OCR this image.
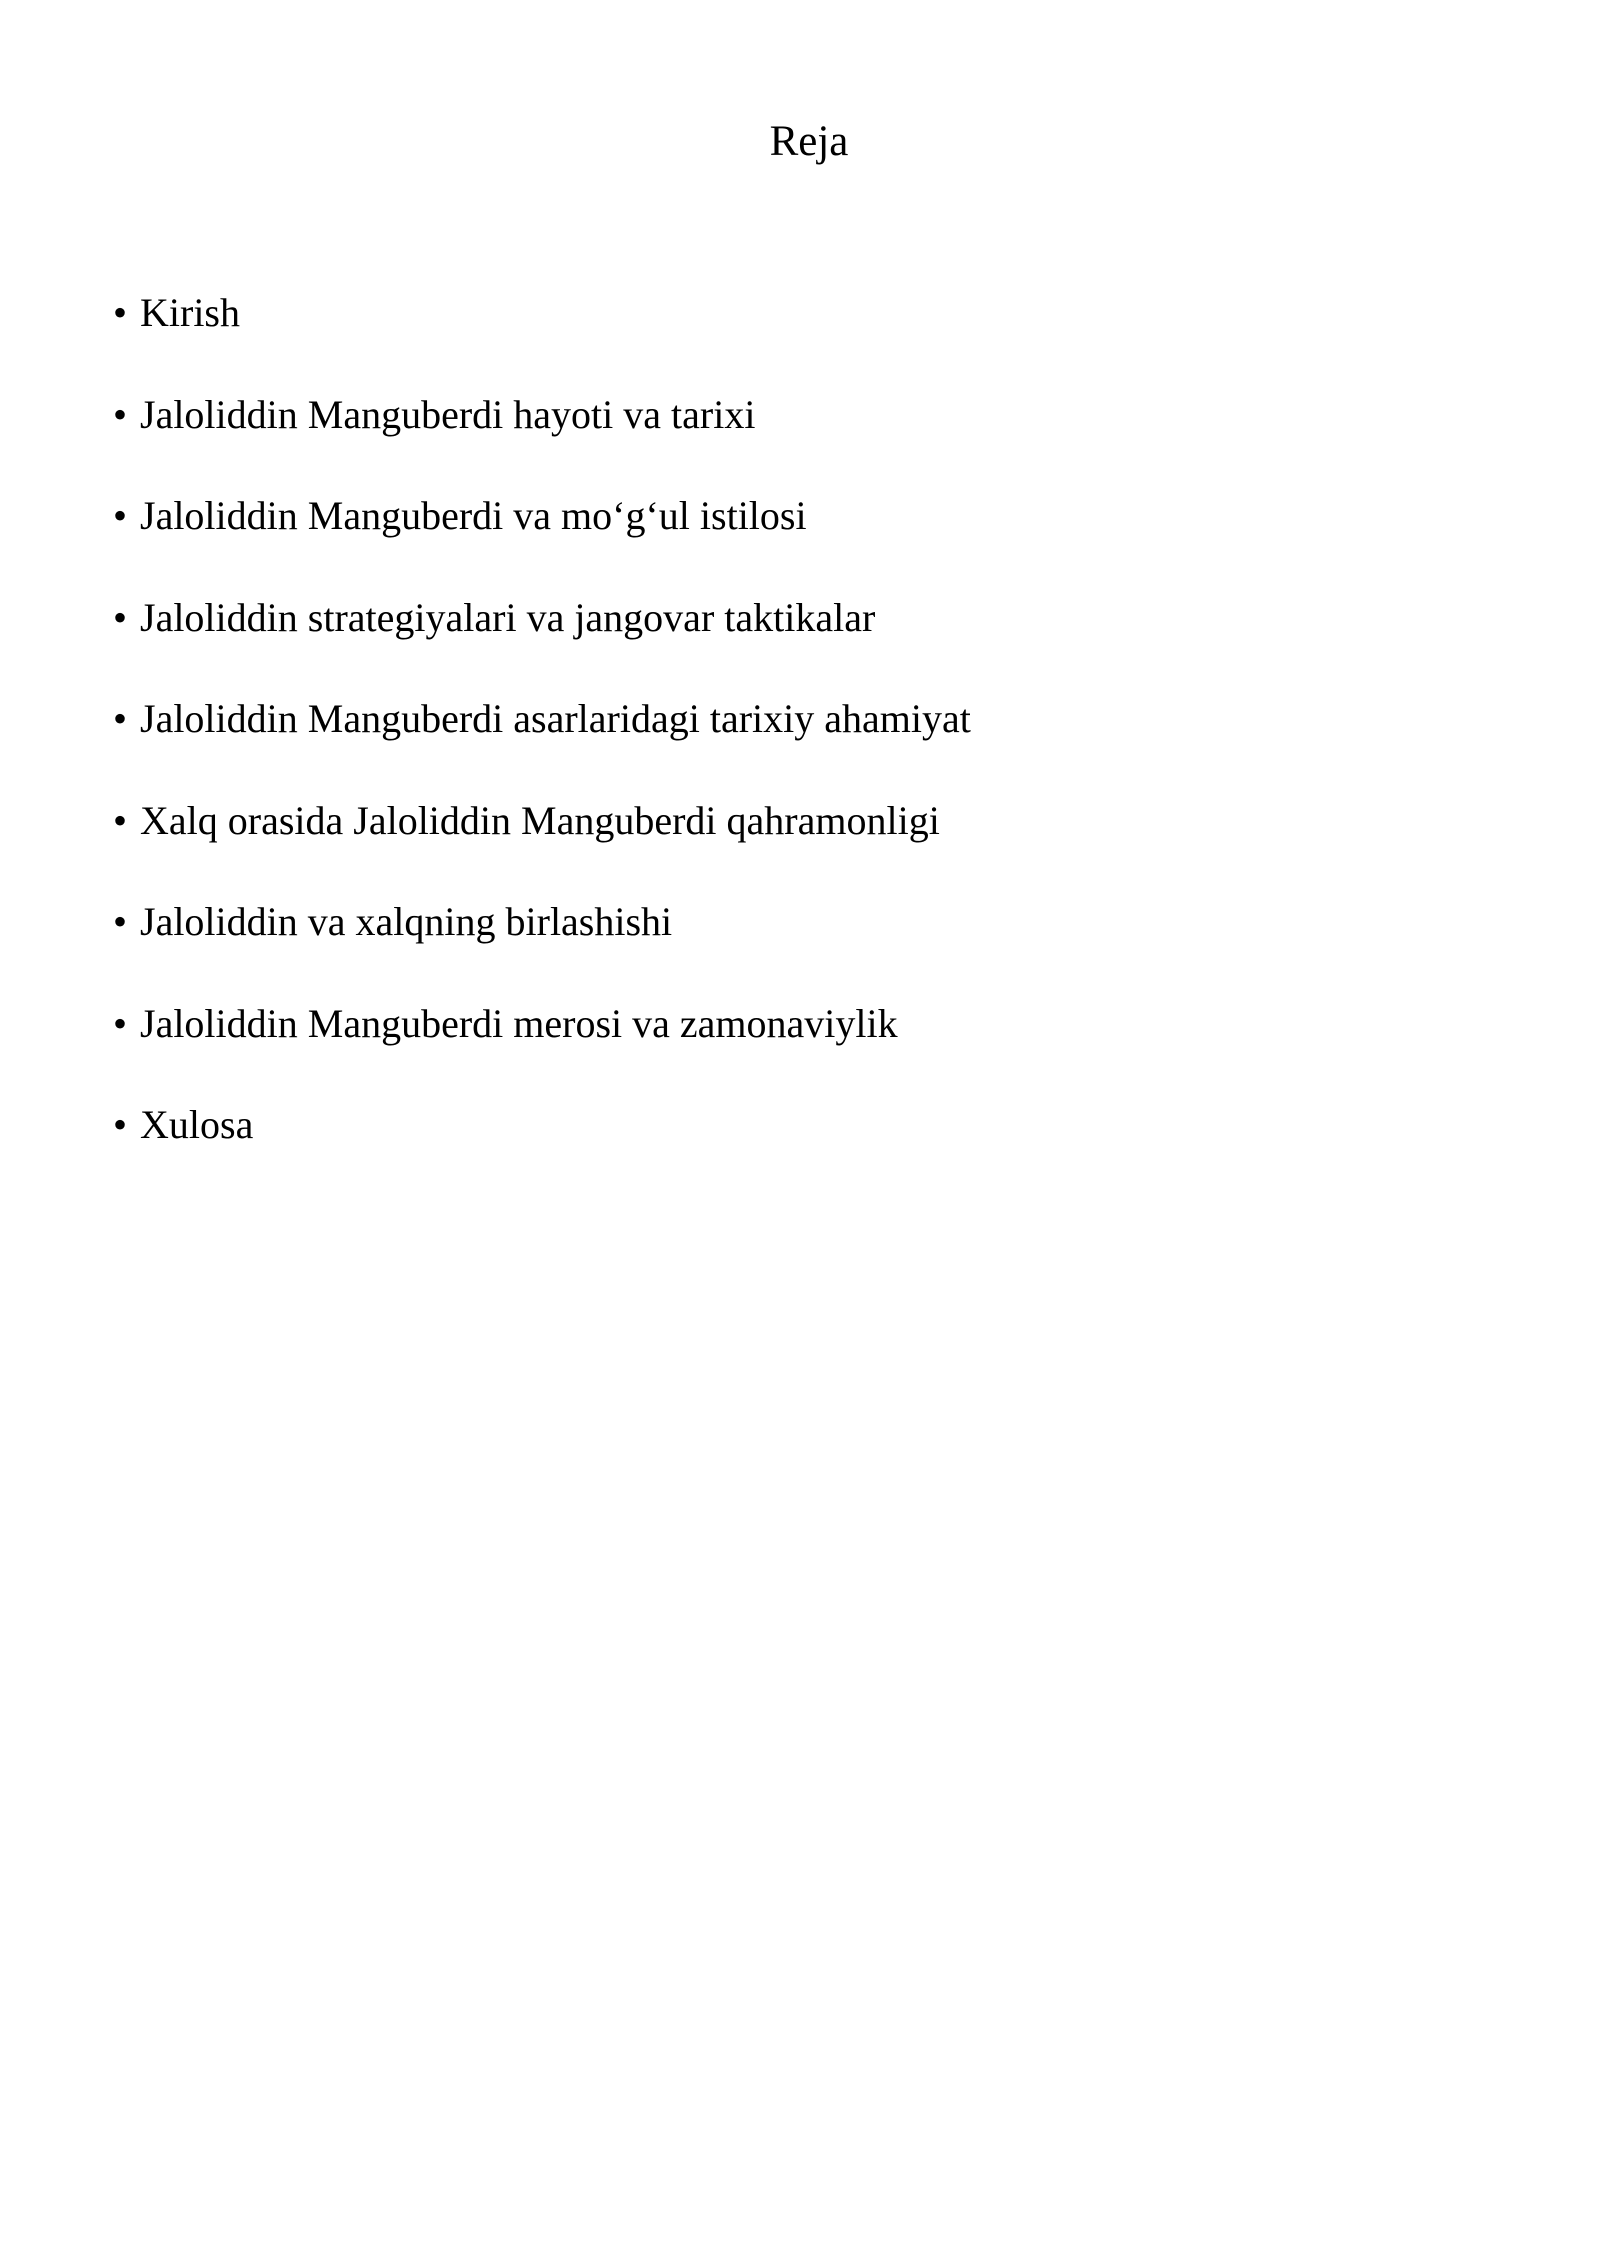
Reja
• Kirish
• Jaloliddin Manguberdi hayoti va tarixi
• Jaloliddin Manguberdi va mo‘g‘ul istilosi
• Jaloliddin strategiyalari va jangovar taktikalar
• Jaloliddin Manguberdi asarlaridagi tarixiy ahamiyat
• Xalq orasida Jaloliddin Manguberdi qahramonligi
• Jaloliddin va xalqning birlashishi
• Jaloliddin Manguberdi merosi va zamonaviylik
• Xulosa
